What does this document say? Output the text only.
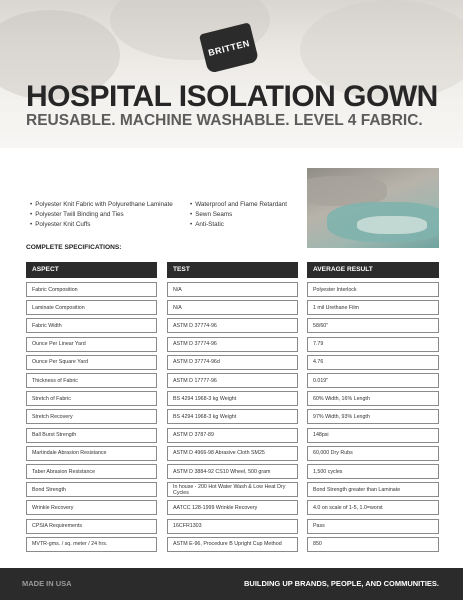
BRITTEN
HOSPITAL ISOLATION GOWN
REUSABLE. MACHINE WASHABLE. LEVEL 4 FABRIC.
• Polyester Knit Fabric with Polyurethane Laminate
• Polyester Twill Binding and Ties
• Polyester Knit Cuffs
• Waterproof and Flame Retardant
• Sewn Seams
• Anti-Static
COMPLETE SPECIFICATIONS:
ASPECT	TEST	AVERAGE RESULT
Fabric Composition	N/A	Polyester Interlock
Laminate Composition	N/A	1 mil Urethane Film
Fabric Width	ASTM D 37774-96	58/60"
Ounce Per Linear Yard	ASTM D 37774-96	7.79
Ounce Per Square Yard	ASTM D 37774-96d	4.76
Thickness of Fabric	ASTM D 17777-96	0.019"
Stretch of Fabric	BS 4294 1968-3 kg Weight	60% Width, 16% Length
Stretch Recovery	BS 4294 1968-3 kg Weight	97% Width, 93% Length
Ball Burst Strength	ASTM D 3787-89	148psi
Martindale Abrasion Resistance	ASTM D 4966-98 Abrasive Cloth SM25	60,000 Dry Rubs
Taber Abrasion Resistance	ASTM D 3884-92 CS10 Wheel, 500 gram	1,500 cycles
Bond Strength	In house - 200 Hot Water Wash & Low Heat Dry Cycles	Bond Strength greater than Laminate
Wrinkle Recovery	AATCC 128-1999 Wrinkle Recovery	4.0 on scale of 1-5, 1.0=worst
CPSIA Requirements	16CFR1303	Pass
MVTR-gms. / sq. meter / 24 hrs.	ASTM E-96, Procedure B Upright Cup Method	850
MADE IN USA	BUILDING UP BRANDS, PEOPLE, AND COMMUNITIES.
